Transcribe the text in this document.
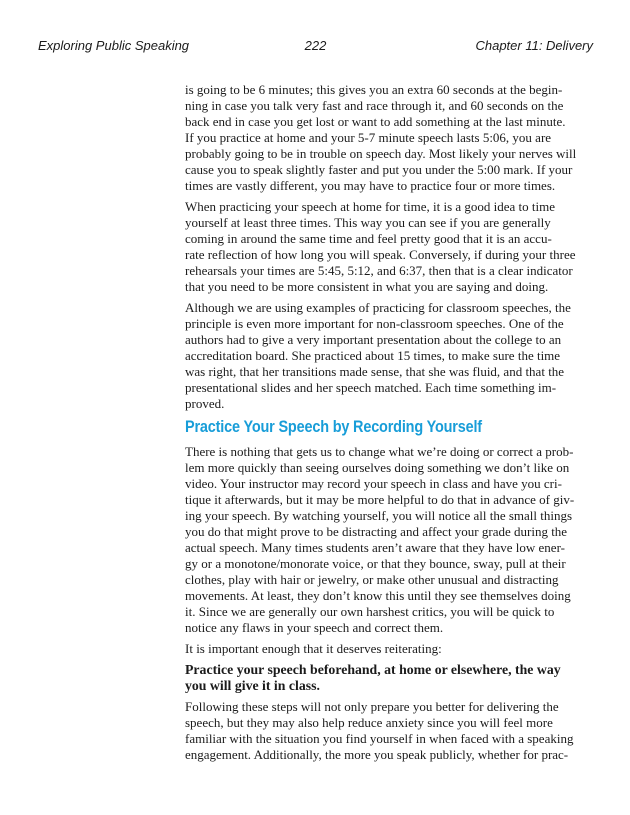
Exploring Public Speaking	222	Chapter 11: Delivery

is going to be 6 minutes; this gives you an extra 60 seconds at the begin-
ning in case you talk very fast and race through it, and 60 seconds on the
back end in case you get lost or want to add something at the last minute.
If you practice at home and your 5-7 minute speech lasts 5:06, you are
probably going to be in trouble on speech day. Most likely your nerves will
cause you to speak slightly faster and put you under the 5:00 mark. If your
times are vastly different, you may have to practice four or more times.

When practicing your speech at home for time, it is a good idea to time
yourself at least three times. This way you can see if you are generally
coming in around the same time and feel pretty good that it is an accu-
rate reflection of how long you will speak. Conversely, if during your three
rehearsals your times are 5:45, 5:12, and 6:37, then that is a clear indicator
that you need to be more consistent in what you are saying and doing.

Although we are using examples of practicing for classroom speeches, the
principle is even more important for non-classroom speeches. One of the
authors had to give a very important presentation about the college to an
accreditation board. She practiced about 15 times, to make sure the time
was right, that her transitions made sense, that she was fluid, and that the
presentational slides and her speech matched. Each time something im-
proved.

Practice Your Speech by Recording Yourself

There is nothing that gets us to change what we’re doing or correct a prob-
lem more quickly than seeing ourselves doing something we don’t like on
video. Your instructor may record your speech in class and have you cri-
tique it afterwards, but it may be more helpful to do that in advance of giv-
ing your speech. By watching yourself, you will notice all the small things
you do that might prove to be distracting and affect your grade during the
actual speech. Many times students aren’t aware that they have low ener-
gy or a monotone/monorate voice, or that they bounce, sway, pull at their
clothes, play with hair or jewelry, or make other unusual and distracting
movements. At least, they don’t know this until they see themselves doing
it. Since we are generally our own harshest critics, you will be quick to
notice any flaws in your speech and correct them.

It is important enough that it deserves reiterating:

Practice your speech beforehand, at home or elsewhere, the way
you will give it in class.

Following these steps will not only prepare you better for delivering the
speech, but they may also help reduce anxiety since you will feel more
familiar with the situation you find yourself in when faced with a speaking
engagement. Additionally, the more you speak publicly, whether for prac-
